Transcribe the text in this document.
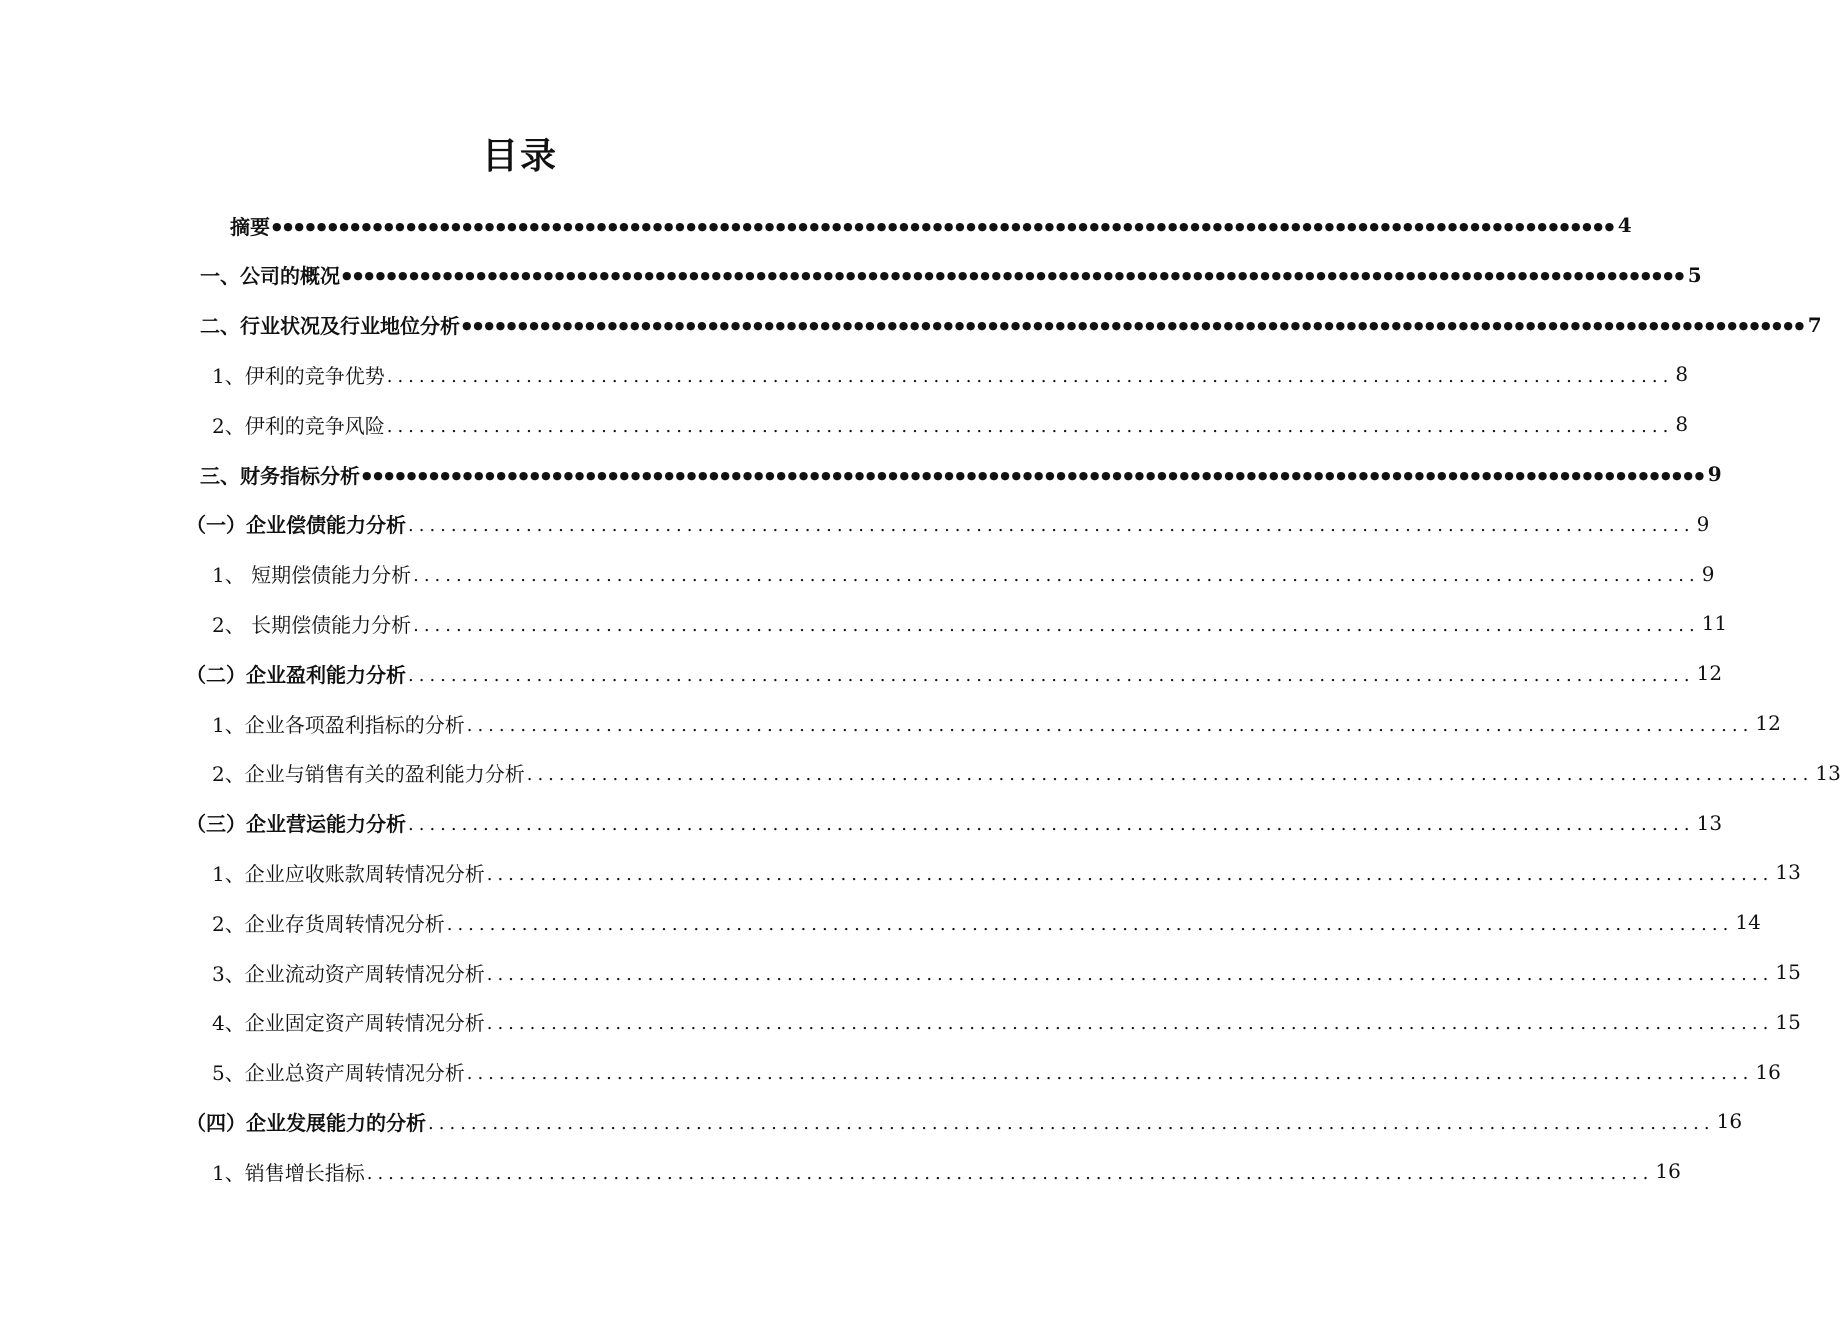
目录
摘要 ●●●●●●●●●●●●●●●●●●●●●●●●●●●●●●●●●●●●●●●●●●●●●●●●●●●●●●●●●●●●●●●●●●●●●●●●●●●●●●●●●●●●●●●●●●●●●●●●●●●●●●●●●●●●●●●●●●●●●●●● 4
一、公司的概况 ●●●●●●●●●●●●●●●●●●●●●●●●●●●●●●●●●●●●●●●●●●●●●●●●●●●●●●●●●●●●●●●●●●●●●●●●●●●●●●●●●●●●●●●●●●●●●●●●●●●●●●●●●●●●●●●●●●●●●●●● 5
二、行业状况及行业地位分析 ●●●●●●●●●●●●●●●●●●●●●●●●●●●●●●●●●●●●●●●●●●●●●●●●●●●●●●●●●●●●●●●●●●●●●●●●●●●●●●●●●●●●●●●●●●●●●●●●●●●●●●●●●●●●●●●●●●●●●●●● 7
1、伊利的竞争优势 ........................................................................................................................ 8
2、伊利的竞争风险 ........................................................................................................................ 8
三、财务指标分析 ●●●●●●●●●●●●●●●●●●●●●●●●●●●●●●●●●●●●●●●●●●●●●●●●●●●●●●●●●●●●●●●●●●●●●●●●●●●●●●●●●●●●●●●●●●●●●●●●●●●●●●●●●●●●●●●●●●●●●●●● 9
（一）企业偿债能力分析 ........................................................................................................................ 9
1、 短期偿债能力分析 ........................................................................................................................ 9
2、 长期偿债能力分析 ........................................................................................................................ 11
（二）企业盈利能力分析 ........................................................................................................................ 12
1、企业各项盈利指标的分析 ........................................................................................................................ 12
2、企业与销售有关的盈利能力分析 ........................................................................................................................ 13
（三）企业营运能力分析 ........................................................................................................................ 13
1、企业应收账款周转情况分析 ........................................................................................................................ 13
2、企业存货周转情况分析 ........................................................................................................................ 14
3、企业流动资产周转情况分析 ........................................................................................................................ 15
4、企业固定资产周转情况分析 ........................................................................................................................ 15
5、企业总资产周转情况分析 ........................................................................................................................ 16
（四）企业发展能力的分析 ........................................................................................................................ 16
1、销售增长指标 ........................................................................................................................ 16
